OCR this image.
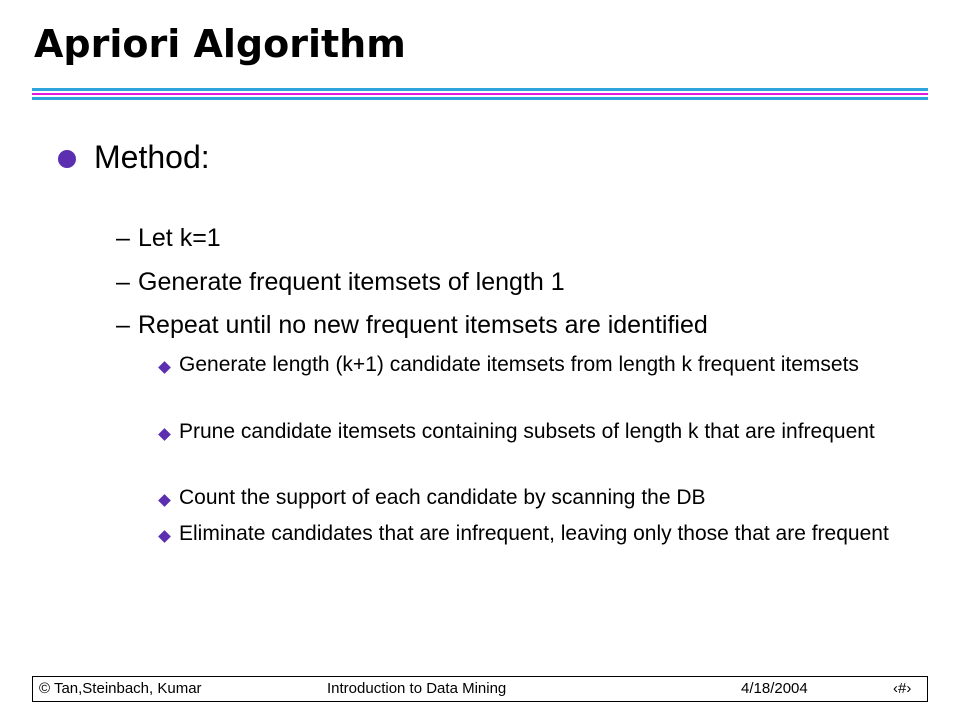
Apriori Algorithm
Method:
– Let k=1
– Generate frequent itemsets of length 1
– Repeat until no new frequent itemsets are identified
Generate length (k+1) candidate itemsets from length k frequent itemsets
Prune candidate itemsets containing subsets of length k that are infrequent
Count the support of each candidate by scanning the DB
Eliminate candidates that are infrequent, leaving only those that are frequent
© Tan,Steinbach, Kumar	Introduction to Data Mining	4/18/2004	‹#›
